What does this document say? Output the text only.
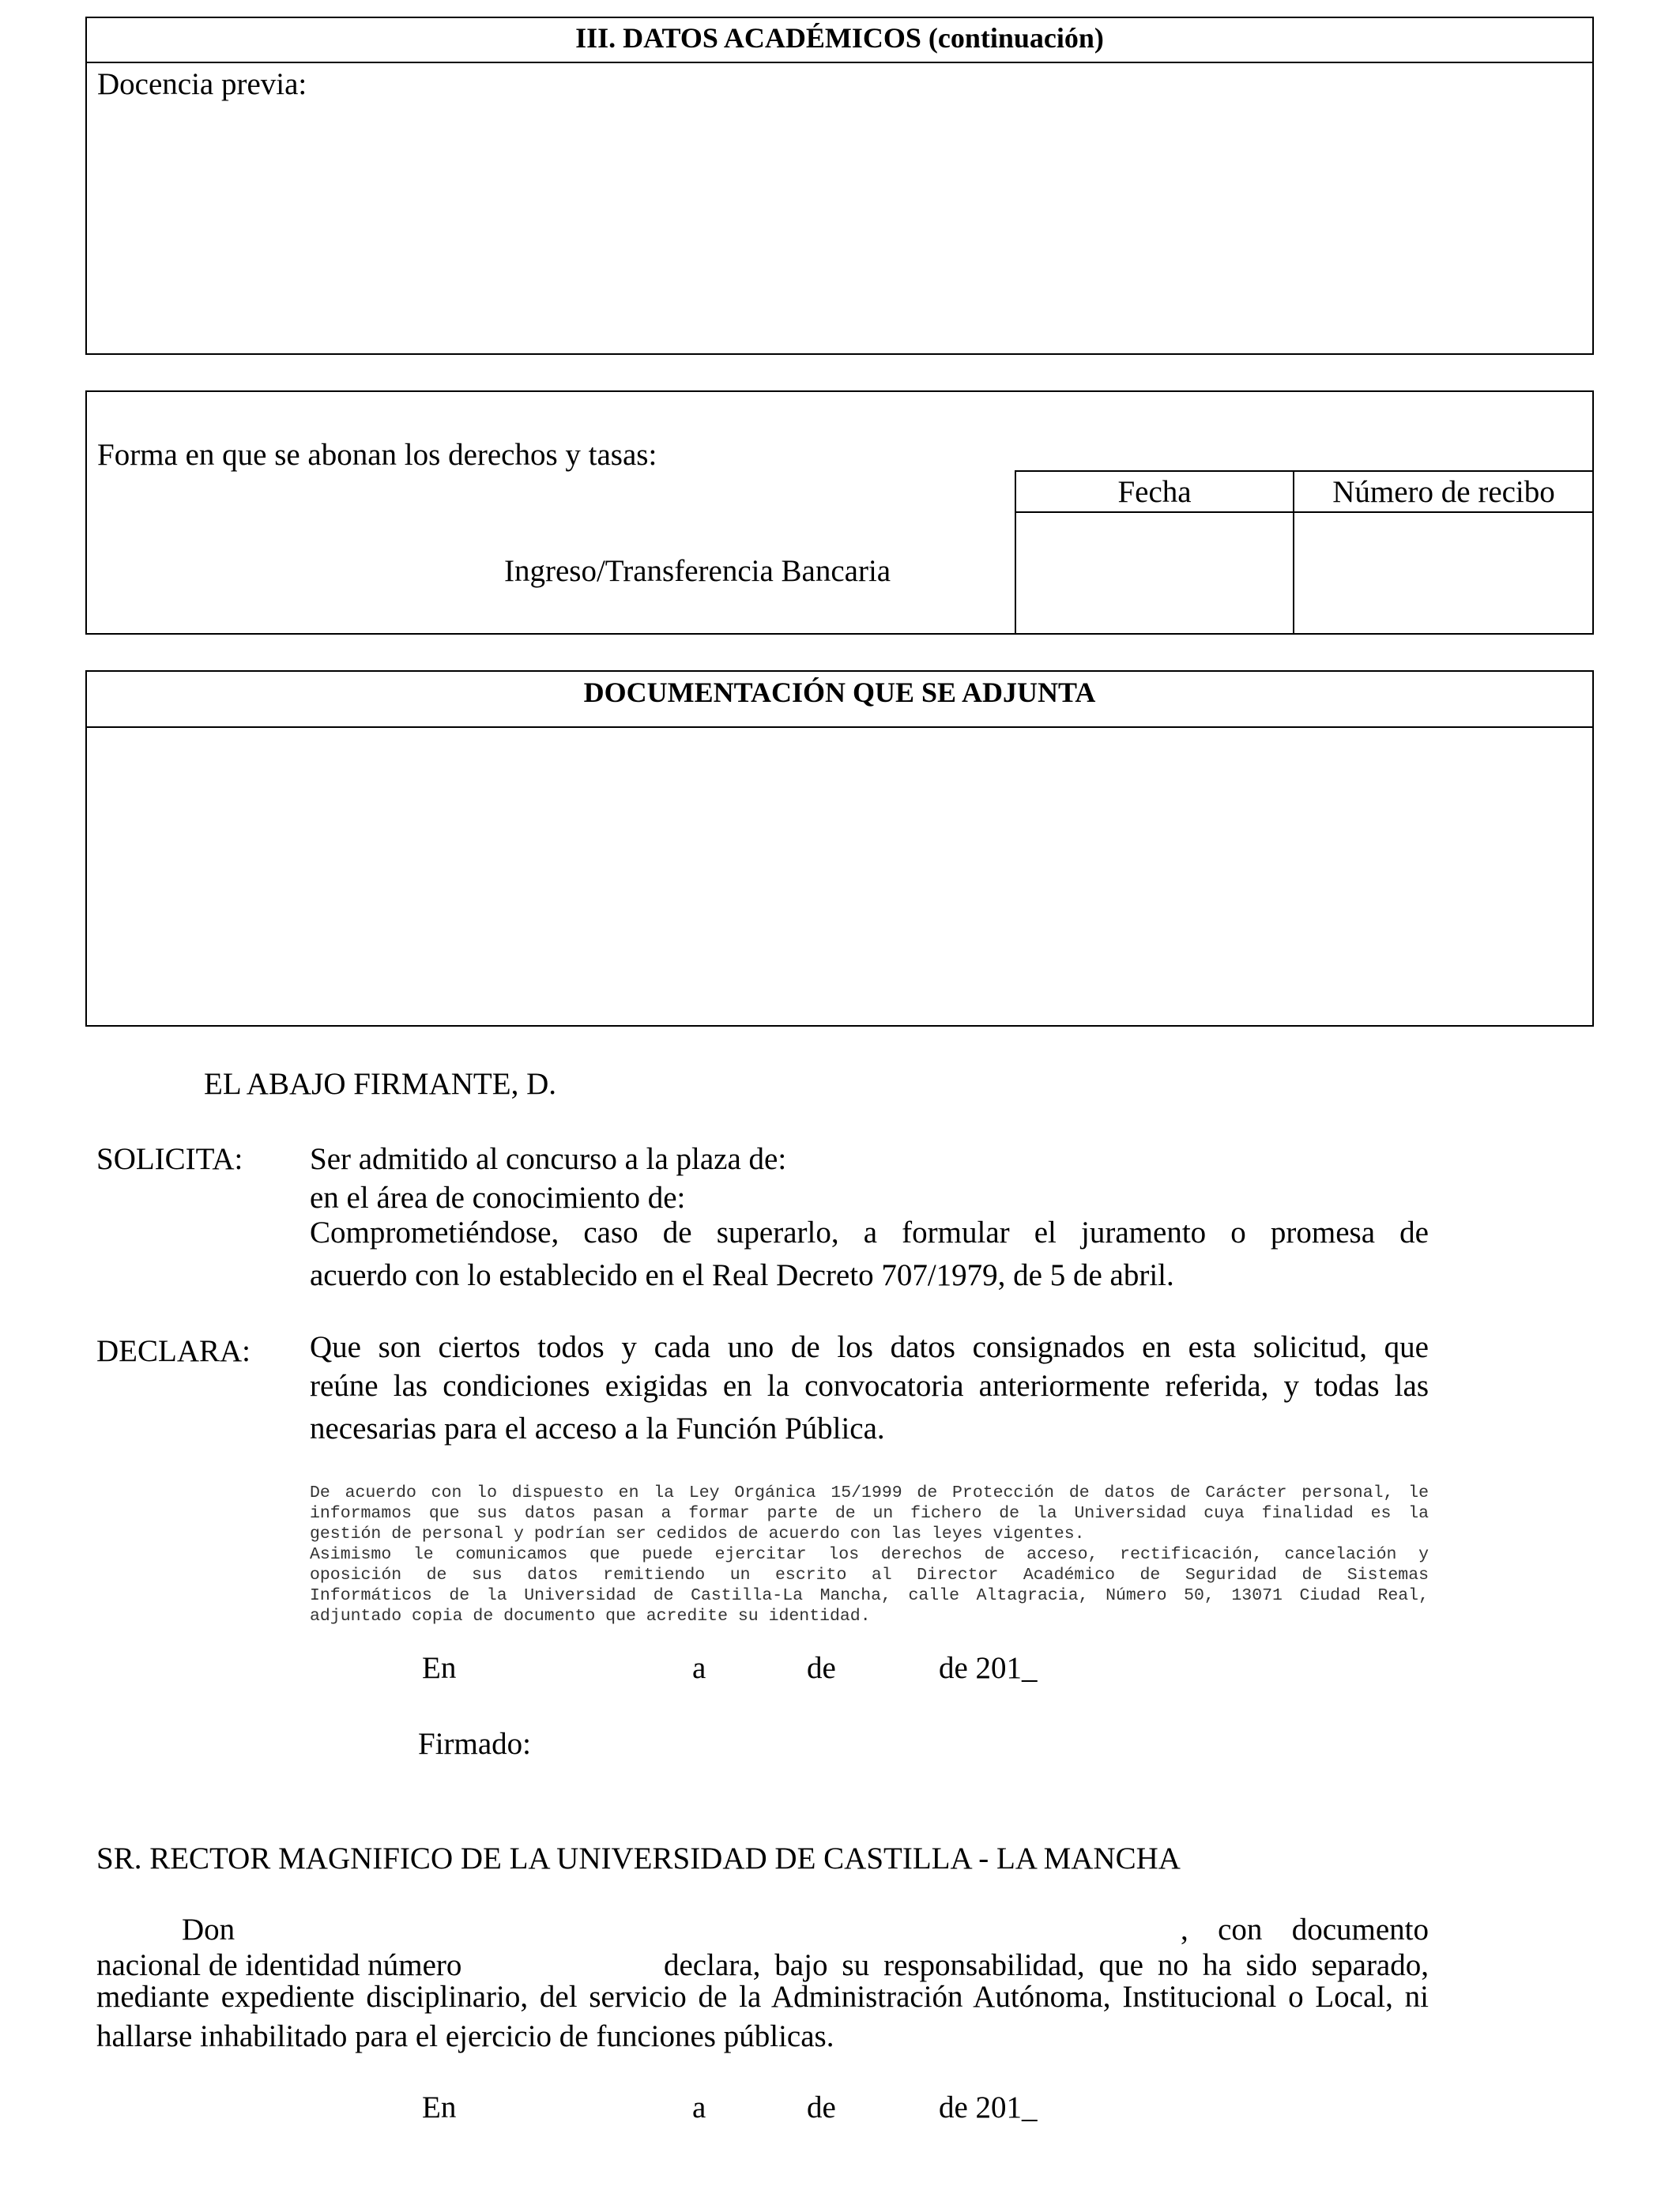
III. DATOS ACADÉMICOS (continuación)
Docencia previa:
Forma en que se abonan los derechos y tasas:
Ingreso/Transferencia Bancaria
Fecha	Número de recibo
DOCUMENTACIÓN QUE SE ADJUNTA
EL ABAJO FIRMANTE, D.
SOLICITA: Ser admitido al concurso a la plaza de:
en el área de conocimiento de:
Comprometiéndose, caso de superarlo, a formular el juramento o promesa de
acuerdo con lo establecido en el Real Decreto 707/1979, de 5 de abril.
DECLARA: Que son ciertos todos y cada uno de los datos consignados en esta solicitud, que
reúne las condiciones exigidas en la convocatoria anteriormente referida, y todas las
necesarias para el acceso a la Función Pública.
De acuerdo con lo dispuesto en la Ley Orgánica 15/1999 de Protección de datos de Carácter personal, le
informamos que sus datos pasan a formar parte de un fichero de la Universidad cuya finalidad es la
gestión de personal y podrían ser cedidos de acuerdo con las leyes vigentes.
Asimismo le comunicamos que puede ejercitar los derechos de acceso, rectificación, cancelación y
oposición de sus datos remitiendo un escrito al Director Académico de Seguridad de Sistemas
Informáticos de la Universidad de Castilla-La Mancha, calle Altagracia, Número 50, 13071 Ciudad Real,
adjuntado copia de documento que acredite su identidad.
En	a	de	de 201_
Firmado:
SR. RECTOR MAGNIFICO DE LA UNIVERSIDAD DE CASTILLA - LA MANCHA
Don	, con documento
nacional de identidad número	declara, bajo su responsabilidad, que no ha sido separado,
mediante expediente disciplinario, del servicio de la Administración Autónoma, Institucional o Local, ni
hallarse inhabilitado para el ejercicio de funciones públicas.
En	a	de	de 201_
